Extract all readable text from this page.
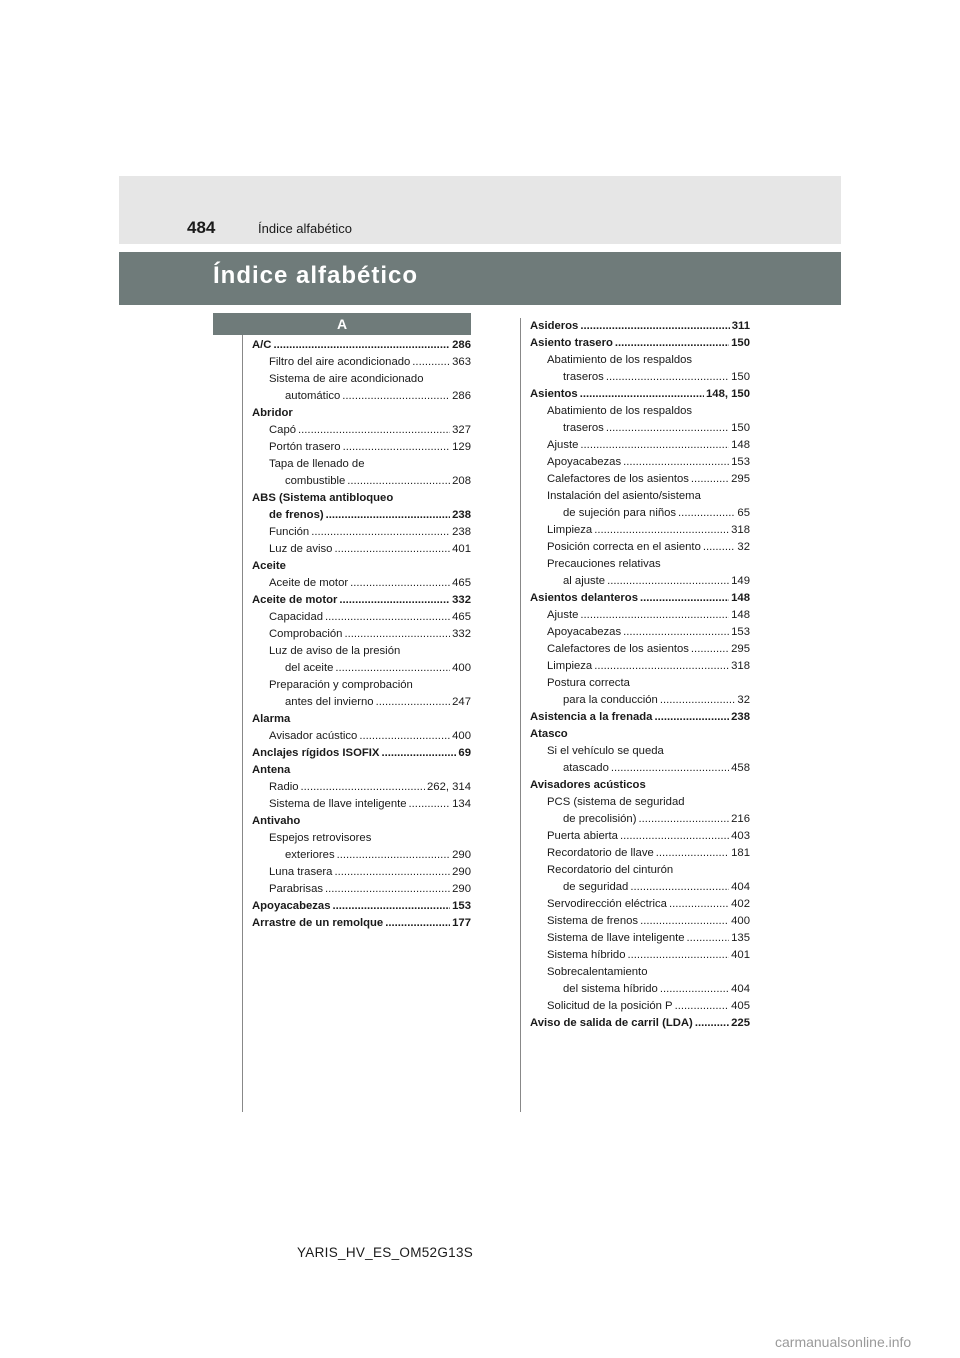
484	Índice alfabético
Índice alfabético
A
A/C .....	286
Filtro del aire acondicionado .....	363
Sistema de aire acondicionado
automático .....	286
Abridor
Capó .....	327
Portón trasero .....	129
Tapa de llenado de
combustible .....	208
ABS (Sistema antibloqueo
de frenos) .....	238
Función .....	238
Luz de aviso .....	401
Aceite
Aceite de motor .....	465
Aceite de motor .....	332
Capacidad .....	465
Comprobación .....	332
Luz de aviso de la presión
del aceite .....	400
Preparación y comprobación
antes del invierno .....	247
Alarma
Avisador acústico .....	400
Anclajes rígidos ISOFIX .....	69
Antena
Radio .....	262, 314
Sistema de llave inteligente .....	134
Antivaho
Espejos retrovisores
exteriores .....	290
Luna trasera .....	290
Parabrisas .....	290
Apoyacabezas .....	153
Arrastre de un remolque .....	177
Asideros .....	311
Asiento trasero .....	150
Abatimiento de los respaldos
traseros .....	150
Asientos .....	148, 150
Abatimiento de los respaldos
traseros .....	150
Ajuste .....	148
Apoyacabezas .....	153
Calefactores de los asientos .....	295
Instalación del asiento/sistema
de sujeción para niños .....	65
Limpieza .....	318
Posición correcta en el asiento .....	32
Precauciones relativas
al ajuste .....	149
Asientos delanteros .....	148
Ajuste .....	148
Apoyacabezas .....	153
Calefactores de los asientos .....	295
Limpieza .....	318
Postura correcta
para la conducción .....	32
Asistencia a la frenada .....	238
Atasco
Si el vehículo se queda
atascado .....	458
Avisadores acústicos
PCS (sistema de seguridad
de precolisión) .....	216
Puerta abierta .....	403
Recordatorio de llave .....	181
Recordatorio del cinturón
de seguridad .....	404
Servodirección eléctrica .....	402
Sistema de frenos .....	400
Sistema de llave inteligente .....	135
Sistema híbrido .....	401
Sobrecalentamiento
del sistema híbrido .....	404
Solicitud de la posición P .....	405
Aviso de salida de carril (LDA) .....	225
YARIS_HV_ES_OM52G13S
carmanualsonline.info
